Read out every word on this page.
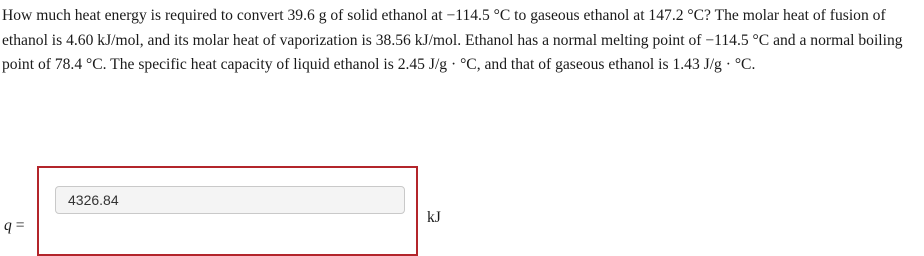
How much heat energy is required to convert 39.6 g of solid ethanol at −114.5 °C to gaseous ethanol at 147.2 °C? The molar heat of fusion of ethanol is 4.60 kJ/mol, and its molar heat of vaporization is 38.56 kJ/mol. Ethanol has a normal melting point of −114.5 °C and a normal boiling point of 78.4 °C. The specific heat capacity of liquid ethanol is 2.45 J/g · °C, and that of gaseous ethanol is 1.43 J/g · °C.

q =
4326.84	kJ
